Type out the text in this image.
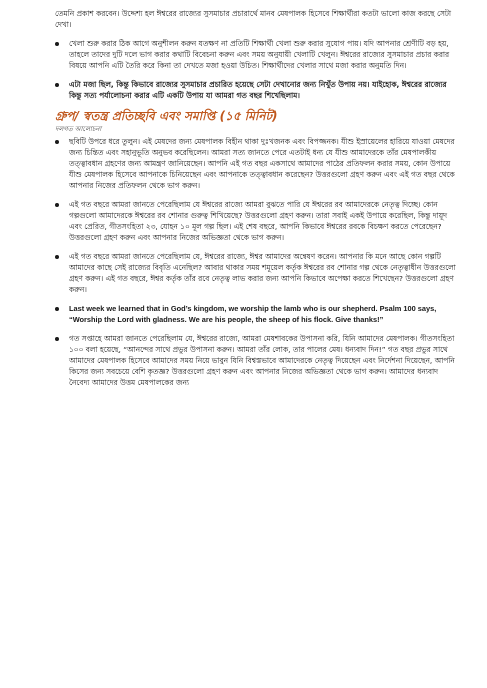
তেমনি প্রকাশ করবেন। উদ্দেশ্য হল ঈশ্বরের রাজ্যের সুসমাচার প্রচারার্থে মানব মেষপালক হিসেবে শিক্ষার্থীরা কতটা ভালো কাজ করছে সেটা দেখা।

খেলা শুরু করার ঠিক আগে অনুশীলন করুন যতক্ষণ না প্রতিটি শিক্ষার্থী খেলা শুরু করার সুযোগ পায়। যদি আপনার শ্রেণীটি বড় হয়, তাহলে তাদের দুটি দলে ভাগ করার কথাটি বিবেচনা করুন এবং সময় অনুযায়ী খেলাটি খেলুন। ঈশ্বরের রাজ্যের সুসমাচার প্রচার করার বিষয়ে আপনি এটি তৈরি করে কিনা তা দেখতে মজা হওয়া উচিত। শিক্ষার্থীদের খেলার সাথে মজা করার অনুমতি দিন।
এটা মজা ছিল, কিন্তু কিভাবে রাজ্যের সুসমাচার প্রচারিত হয়েছে সেটা দেখানোর জন্য নিখুঁত উপায় নয়। যাইহোক, ঈশ্বরের রাজ্যের কিন্তু সত্য পর্যালোচনা করার এটি একটি উপায় যা আমরা গত বছর শিখেছিলাম।
গ্রুপ/ স্বতন্ত্র প্রতিচ্ছবি এবং সমাপ্তি (১৫ মিনিট)

দলগত আলোচনা

ছবিটি উপরে ধরে তুলুন। এই মেষদের জন্য মেষপালক বিহীন থাকা দুঃখজনক এবং বিপজ্জনক। যীশু ইস্রায়েলের হারিয়ে যাওয়া মেষদের জন্য চিন্তিত এবং সহানুভূতি অনুভব করেছিলেন। আমরা সত্য জানতে পেরে এতটাই ধন্য যে যীশু আমাদেরকে তাঁর মেষপালকীয় তত্ত্বাবধান গ্রহণের জন্য আমন্ত্রণ জানিয়েছেন। আপনি এই গত বছর একসাথে আমাদের পাঠের প্রতিফলন করার সময়, কোন উপায়ে যীশু মেষপালক হিসেবে আপনাকে চিনিয়েছেন এবং আপনাকে তত্ত্বাবধান করেছেন? উত্তরগুলো গ্রহণ করুন এবং এই গত বছর থেকে আপনার নিজের প্রতিফলন থেকে ভাগ করুন।
এই গত বছরে আমরা জানতে পেরেছিলাম যে ঈশ্বরের রাজ্যে আমরা বুঝতে পারি যে ঈশ্বরের রব আমাদেরকে নেতৃত্ব দিচ্ছে। কোন গল্পগুলো আমাদেরকে ঈশ্বরের রব শোনার গুরুত্ব শিখিয়েছে? উত্তরগুলো গ্রহণ করুন। তারা সবাই একই উপায়ে করেছিল, কিন্তু দায়ূদ এবং প্রেরিত, গীতসংহিতা ২৩, যোহন ১০ মূল গল্প ছিল। এই শেষ বছরে, আপনি কিভাবে ঈশ্বরের রবকে বিচক্ষণ করতে পেরেছেন? উত্তরগুলো গ্রহণ করুন এবং আপনার নিজের অভিজ্ঞতা থেকে ভাগ করুন।
এই গত বছরে আমরা জানতে পেরেছিলাম যে, ঈশ্বরের রাজ্যে, ঈশ্বর আমাদের অন্বেষণ করেন। আপনার কি মনে আছে কোন গল্পটি আমাদের কাছে সেই রাজ্যের বিবৃতি এনেছিল? আবার থাকার সময় শমূয়েল কর্তৃক ঈশ্বরের রব শোনার গল্প থেকে নেতৃত্বাধীন উত্তরগুলো গ্রহণ করুন। এই গত বছরে, ঈশ্বর কর্তৃক তাঁর রবে নেতৃত্ব লাভ করার জন্য আপনি কিভাবে অপেক্ষা করতে শিখেছেন? উত্তরগুলো গ্রহণ করুন।
Last week we learned that in God’s kingdom, we worship the lamb who is our shepherd. Psalm 100 says, “Worship the Lord with gladness. We are his people, the sheep of his flock. Give thanks!”
গত সপ্তাহে আমরা জানতে পেরেছিলাম যে, ঈশ্বরের রাজ্যে, আমরা মেষশাবকের উপাসনা করি, যিনি আমাদের মেষপালক। গীতসংহিতা ১০০ বলা হয়েছে, “আনন্দের সাথে প্রভুর উপাসনা করুন। আমরা তাঁর লোক, তার পালের মেষ। ধন্যবাদ দিন!” গত বছর প্রভুর সাথে আমাদের মেষপালক হিসেবে আমাদের সময় নিয়ে ভাবুন যিনি বিশ্বস্তভাবে আমাদেরকে নেতৃত্ব দিয়েছেন এবং নির্দেশনা দিয়েছেন, আপনি কিসের জন্য সবচেয়ে বেশি কৃতজ্ঞ? উত্তরগুলো গ্রহণ করুন এবং আপনার নিজের অভিজ্ঞতা থেকে ভাগ করুন। আমাদের ধন্যবাদ নৈবেদ্য আমাদের উত্তম মেষপালকের জন্য
